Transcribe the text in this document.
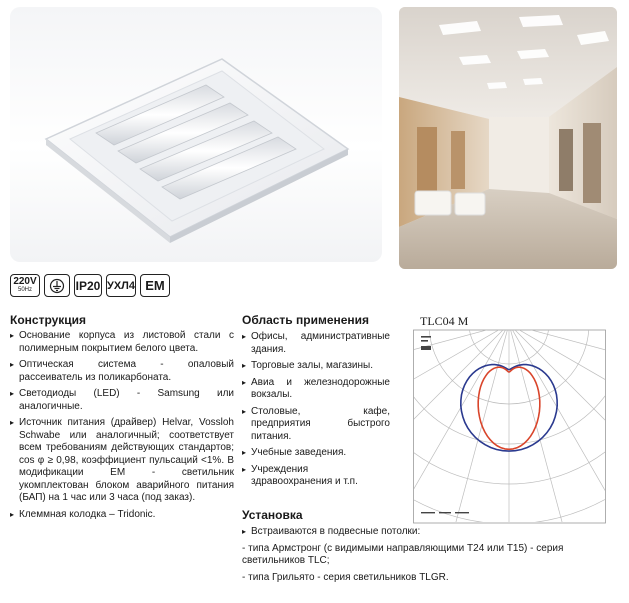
220V
50Hz	IP20 УХЛ4 EM
Конструкция
▸ Основание корпуса из листовой стали с полимерным покрытием белого цвета.
▸ Оптическая система - опаловый рассеиватель из поликарбоната.
▸ Светодиоды (LED) - Samsung или аналогичные.
▸ Источник питания (драйвер) Helvar, Vossloh Schwabe или аналогичный; соответствует всем требованиям действующих стандартов; cos φ ≥ 0,98, коэффициент пульсаций <1%. В модификации EM - светильник укомплектован блоком аварийного питания (БАП) на 1 час или 3 часа (под заказ).
▸ Клеммная колодка – Tridonic.
Область применения
▸ Офисы, административные здания.
▸ Торговые залы, магазины.
▸ Авиа и железнодорожные вокзалы.
▸ Столовые, кафе, предприятия быстрого питания.
▸ Учебные заведения.
▸ Учреждения здравоохранения и т.п.
Установка
▸ Встраиваются в подвесные потолки:
- типа Армстронг (с видимыми направляющими Т24 или Т15) - серия светильников TLC;
- типа Грильято - серия светильников TLGR.
TLC04 M
